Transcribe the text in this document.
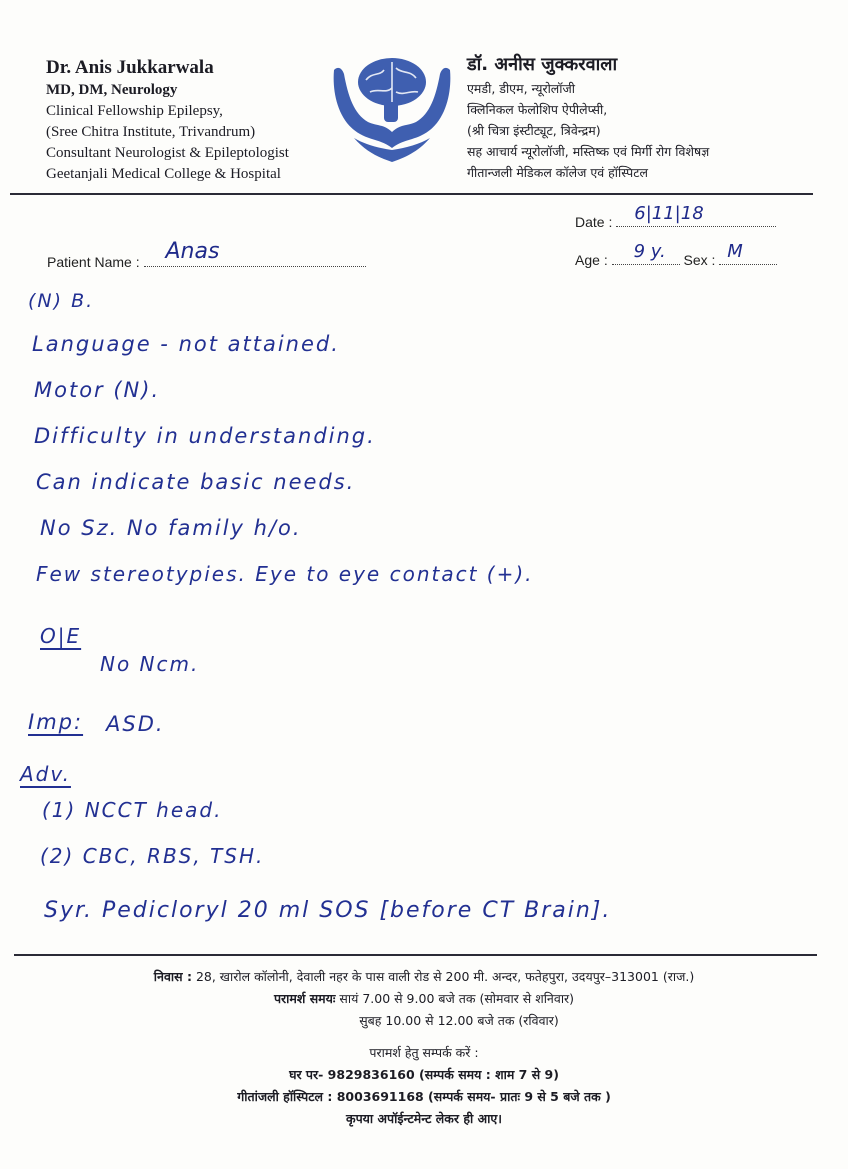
Dr. Anis Jukkarwala
MD, DM, Neurology
Clinical Fellowship Epilepsy,
(Sree Chitra Institute, Trivandrum)
Consultant Neurologist & Epileptologist
Geetanjali Medical College & Hospital
डॉ. अनीस जुक्करवाला
एमडी, डीएम, न्यूरोलॉजी
क्लिनिकल फेलोशिप ऐपीलेप्सी,
(श्री चित्रा इंस्टीट्यूट, त्रिवेन्द्रम)
सह आचार्य न्यूरोलॉजी, मस्तिष्क एवं मिर्गी रोग विशेषज्ञ
गीतान्जली मेडिकल कॉलेज एवं हॉस्पिटल
Date : 6|11|18
Patient Name : Anas	Age : 9 y. Sex : M
(N) B.
Language - not attained.
Motor (N).
Difficulty in understanding.
Can indicate basic needs.
No Sz. No family h/o.
Few stereotypies. Eye to eye contact (+).
O|E
No Ncm.
Imp: ASD.
Adv.
(1) NCCT head.
(2) CBC, RBS, TSH.
Syr. Pedicloryl 20 ml SOS [before CT Brain].
निवास : 28, खारोल कॉलोनी, देवाली नहर के पास वाली रोड से 200 मी. अन्दर, फतेहपुरा, उदयपुर–313001 (राज.)
परामर्श समयः सायं 7.00 से 9.00 बजे तक (सोमवार से शनिवार)
सुबह 10.00 से 12.00 बजे तक (रविवार)
परामर्श हेतु सम्पर्क करें :
घर पर- 9829836160 (सम्पर्क समय : शाम 7 से 9)
गीतांजली हॉस्पिटल : 8003691168 (सम्पर्क समय- प्रातः 9 से 5 बजे तक )
कृपया अपॉईन्टमेन्ट लेकर ही आए।
